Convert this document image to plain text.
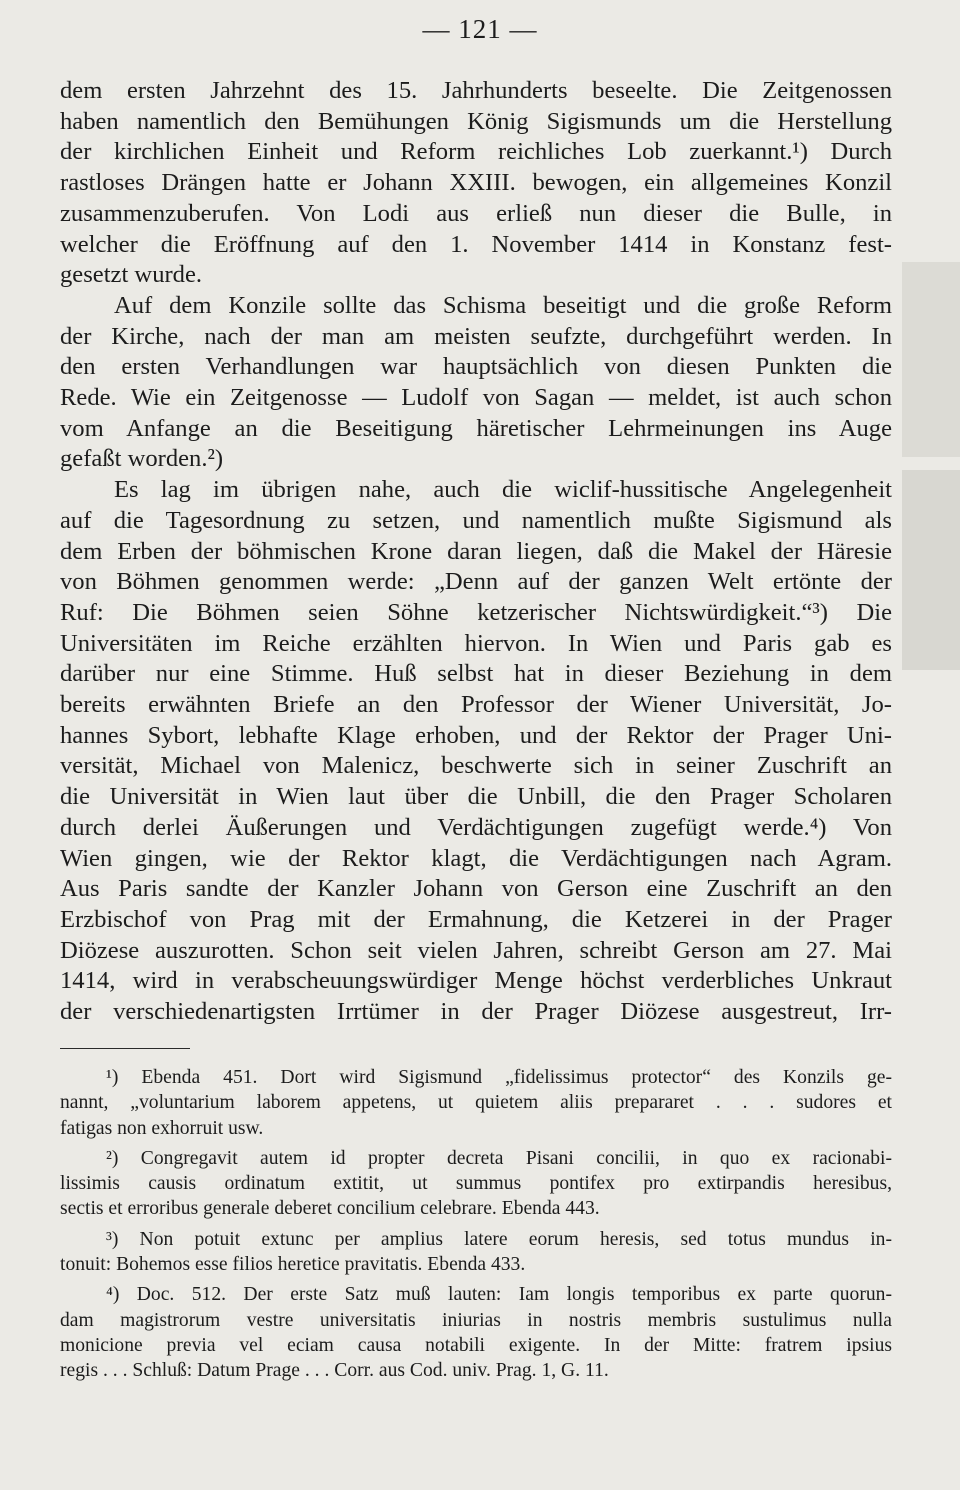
— 121 —

dem ersten Jahrzehnt des 15. Jahrhunderts beseelte. Die Zeitgenossen

haben namentlich den Bemühungen König Sigismunds um die Herstellung

der kirchlichen Einheit und Reform reichliches Lob zuerkannt.¹) Durch

rastloses Drängen hatte er Johann XXIII. bewogen, ein allgemeines Konzil

zusammenzuberufen. Von Lodi aus erließ nun dieser die Bulle, in

welcher die Eröffnung auf den 1. November 1414 in Konstanz fest-

gesetzt wurde.

Auf dem Konzile sollte das Schisma beseitigt und die große Reform

der Kirche, nach der man am meisten seufzte, durchgeführt werden. In

den ersten Verhandlungen war hauptsächlich von diesen Punkten die

Rede. Wie ein Zeitgenosse — Ludolf von Sagan — meldet, ist auch schon

vom Anfange an die Beseitigung häretischer Lehrmeinungen ins Auge

gefaßt worden.²)

Es lag im übrigen nahe, auch die wiclif-hussitische Angelegenheit

auf die Tagesordnung zu setzen, und namentlich mußte Sigismund als

dem Erben der böhmischen Krone daran liegen, daß die Makel der Häresie

von Böhmen genommen werde: „Denn auf der ganzen Welt ertönte der

Ruf: Die Böhmen seien Söhne ketzerischer Nichtswürdigkeit.“³) Die

Universitäten im Reiche erzählten hiervon. In Wien und Paris gab es

darüber nur eine Stimme. Huß selbst hat in dieser Beziehung in dem

bereits erwähnten Briefe an den Professor der Wiener Universität, Jo-

hannes Sybort, lebhafte Klage erhoben, und der Rektor der Prager Uni-

versität, Michael von Malenicz, beschwerte sich in seiner Zuschrift an

die Universität in Wien laut über die Unbill, die den Prager Scholaren

durch derlei Äußerungen und Verdächtigungen zugefügt werde.⁴) Von

Wien gingen, wie der Rektor klagt, die Verdächtigungen nach Agram.

Aus Paris sandte der Kanzler Johann von Gerson eine Zuschrift an den

Erzbischof von Prag mit der Ermahnung, die Ketzerei in der Prager

Diözese auszurotten. Schon seit vielen Jahren, schreibt Gerson am 27. Mai

1414, wird in verabscheuungswürdiger Menge höchst verderbliches Unkraut

der verschiedenartigsten Irrtümer in der Prager Diözese ausgestreut, Irr-

¹) Ebenda 451. Dort wird Sigismund „fidelissimus protector“ des Konzils ge-
nannt, „voluntarium laborem appetens, ut quietem aliis prepararet . . . sudores et
fatigas non exhorruit usw.
²) Congregavit autem id propter decreta Pisani concilii, in quo ex racionabi-
lissimis causis ordinatum extitit, ut summus pontifex pro extirpandis heresibus,
sectis et erroribus generale deberet concilium celebrare. Ebenda 443.
³) Non potuit extunc per amplius latere eorum heresis, sed totus mundus in-
tonuit: Bohemos esse filios heretice pravitatis. Ebenda 433.
⁴) Doc. 512. Der erste Satz muß lauten: Iam longis temporibus ex parte quorun-
dam magistrorum vestre universitatis iniurias in nostris membris sustulimus nulla
monicione previa vel eciam causa notabili exigente. In der Mitte: fratrem ipsius
regis . . . Schluß: Datum Prage . . . Corr. aus Cod. univ. Prag. 1, G. 11.
